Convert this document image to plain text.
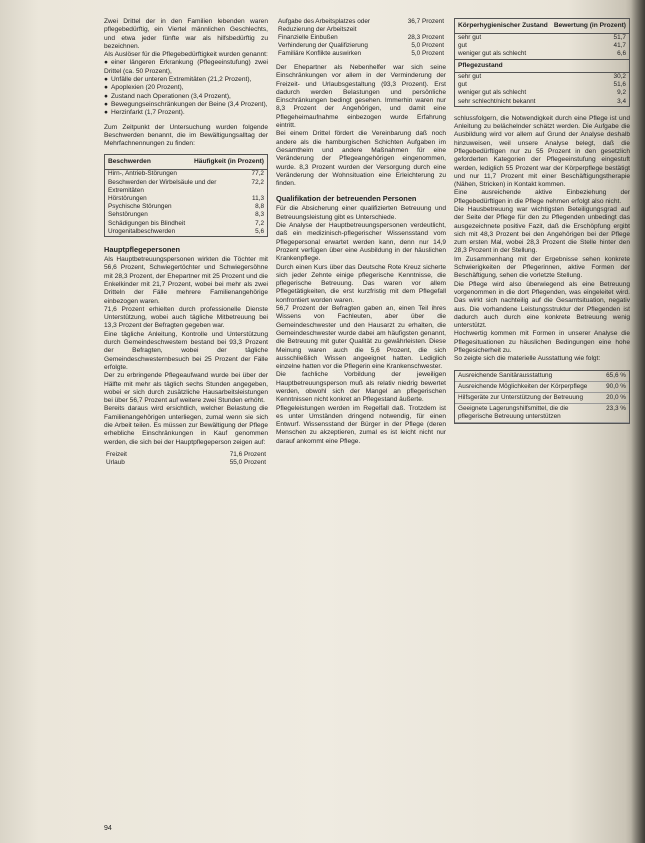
Zwei Drittel der in den Familien lebenden waren pflegebedürftig, ein Viertel männlichen Geschlechts, und etwa jeder fünfte war als hilfsbedürftig zu bezeichnen.

Als Auslöser für die Pflegebedürftigkeit wurden genannt:

● einer längeren Erkrankung (Pflegeeinstufung) zwei Drittel (ca. 50 Prozent),

● Unfälle der unteren Extremitäten (21,2 Prozent),

● Apoplexien (20 Prozent),

● Zustand nach Operationen (3,4 Prozent),

● Bewegungseinschränkungen der Beine (3,4 Prozent),

● Herzinfarkt (1,7 Prozent).

Zum Zeitpunkt der Untersuchung wurden folgende Beschwerden benannt, die im Bewältigungsalltag der Mehrfachnennungen zu finden:

Beschwerden	Häufigkeit (in Prozent)
Hirn-, Antrieb-Störungen	77,2
Beschwerden der Wirbelsäule und der Extremitäten	72,2
Hörstörungen	11,3
Psychische Störungen	8,8
Sehstörungen	8,3
Schädigungen bis Blindheit	7,2
Urogenitalbeschwerden	5,6
Hauptpflegepersonen

Als Hauptbetreuungspersonen wirkten die Töchter mit 56,6 Prozent, Schwiegertöchter und Schwiegersöhne mit 28,3 Prozent, der Ehepartner mit 25 Prozent und die Enkelkinder mit 21,7 Prozent, wobei bei mehr als zwei Dritteln der Fälle mehrere Familienangehörige einbezogen waren.

71,6 Prozent erhielten durch professionelle Dienste Unterstützung, wobei auch tägliche Mitbetreuung bei 13,3 Prozent der Befragten gegeben war.

Eine tägliche Anleitung, Kontrolle und Unterstützung durch Gemeindeschwestern bestand bei 93,3 Prozent der Befragten, wobei der tägliche Gemeindeschwesternbesuch bei 25 Prozent der Fälle erfolgte.

Der zu erbringende Pflegeaufwand wurde bei über der Hälfte mit mehr als täglich sechs Stunden angegeben, wobei er sich durch zusätzliche Hausarbeitsleistungen bei über 56,7 Prozent auf weitere zwei Stunden erhöht.

Bereits daraus wird ersichtlich, welcher Belastung die Familienangehörigen unterliegen, zumal wenn sie sich die Arbeit teilen. Es müssen zur Bewältigung der Pflege erhebliche Einschränkungen in Kauf genommen werden, die sich bei der Hauptpflegeperson zeigen auf:

Freizeit	71,6 Prozent
Urlaub	55,0 Prozent
Aufgabe des Arbeitsplatzes oder Reduzierung der Arbeitszeit	36,7 Prozent
Finanzielle Einbußen	28,3 Prozent
Verhinderung der Qualifizierung	5,0 Prozent
Familiäre Konflikte auswirken	5,0 Prozent

Der Ehepartner als Nebenhelfer war sich seine Einschränkungen vor allem in der Verminderung der Freizeit- und Urlaubsgestaltung (93,3 Prozent). Erst dadurch werden Belastungen und persönliche Einschränkungen bedingt gesehen. Immerhin waren nur 8,3 Prozent der Angehörigen, und damit eine Pflegeheimaufnahme einbezogen wurde Erfahrung eintritt.

Bei einem Drittel fördert die Vereinbarung daß noch andere als die hamburgischen Schichten Aufgaben im Gesamtheim und andere Maßnahmen für eine Veränderung der Pflegeangehörigen eingenommen, wurde. 8,3 Prozent wurden der Versorgung durch eine Veränderung der Wohnsituation eine Erleichterung zu finden.

Qualifikation der betreuenden Personen

Für die Absicherung einer qualifizierten Betreuung und Betreuungsleistung gibt es Unterschiede.

Die Analyse der Hauptbetreuungspersonen verdeutlicht, daß ein medizinisch-pflegerischer Wissensstand vom Pflegepersonal erwartet werden kann, denn nur 14,9 Prozent verfügen über eine Ausbildung in der häuslichen Krankenpflege.

Durch einen Kurs über das Deutsche Rote Kreuz sicherte sich jeder Zehnte einige pflegerische Kenntnisse, die pflegerische Betreuung. Das waren vor allem Pflegetätigkeiten, die erst kurzfristig mit dem Pflegefall konfrontiert worden waren.

56,7 Prozent der Befragten gaben an, einen Teil ihres Wissens von Fachleuten, aber über die Gemeindeschwester und den Hausarzt zu erhalten, die Gemeindeschwester wurde dabei am häufigsten genannt, die Betreuung mit guter Qualität zu gewährleisten. Diese Meinung waren auch die 5,6 Prozent, die sich ausschließlich Wissen angeeignet hatten. Lediglich einzelne hatten vor die Pflegerin eine Krankenschwester.

Die fachliche Vorbildung der jeweiligen Hauptbetreuungsperson muß als relativ niedrig bewertet werden, obwohl sich der Mangel an pflegerischen Kenntnissen nicht konkret an Pflegestand äußerte.

Pflegeleistungen werden im Regelfall daß. Trotzdem ist es unter Umständen dringend notwendig, für einen Entwurf. Wissensstand der Bürger in der Pflege (deren Menschen zu akzeptieren, zumal es ist leicht nicht nur darauf ankommt eine Pflege.

Körperhygienischer Zustand Bewertung (in Prozent)
sehr gut	51,7
gut	41,7
weniger gut als schlecht	6,6
Pflegezustand
sehr gut	30,2
gut	51,6
weniger gut als schlecht	9,2
sehr schlecht/nicht bekannt	3,4

schlussfolgern, die Notwendigkeit durch eine Pflege ist und Anleitung zu belächelnder schätzt werden. Die Aufgabe die Ausbildung wird vor allem auf Grund der Analyse deshalb hinzuweisen, weil unsere Analyse belegt, daß die Pflegebedürftigen nur zu 55 Prozent in den gesetzlich geforderten Kategorien der Pflegeeinstufung eingestuft werden, lediglich 55 Prozent war der Körperpflege bestätigt und nur 11,7 Prozent mit einer Beschäftigungstherapie (Nähen, Stricken) in Kontakt kommen.

Eine ausreichende aktive Einbeziehung der Pflegebedürftigen in die Pflege nehmen erfolgt also nicht.

Die Hausbetreuung war wichtigsten Beteiligungsgrad auf der Seite der Pflege für den zu Pflegenden unbedingt das ausgezeichnete positive Fazit, daß die Erschöpfung ergibt sich mit 48,3 Prozent bei den Angehörigen bei der Pflege zum ersten Mal, wobei 28,3 Prozent die Stelle hinter den 28,3 Prozent in der Stellung.

Im Zusammenhang mit der Ergebnisse sehen konkrete Schwierigkeiten der Pflegerinnen, aktive Formen der Beschäftigung, sehen die vorletzte Stellung.

Die Pflege wird also überwiegend als eine Betreuung vorgenommen in die dort Pflegenden, was eingeleitet wird. Das wirkt sich nachteilig auf die Gesamtsituation, negativ aus. Die vorhandene Leistungsstruktur der Pflegenden ist dadurch auch durch eine konkrete Betreuung wenig unterstützt.

Hochwertig kommen mit Formen in unserer Analyse die Pflegesituationen zu häuslichen Bedingungen eine hohe Pflegesicherheit zu.

So zeigte sich die materielle Ausstattung wie folgt:

Ausreichende Sanitärausstattung	65,6 %
Ausreichende Möglichkeiten der Körperpflege	90,0 %
Hilfsgeräte zur Unterstützung der Betreuung	20,0 %
Geeignete Lagerungshilfsmittel, die die pflegerische Betreuung unterstützen	23,3 %
94
